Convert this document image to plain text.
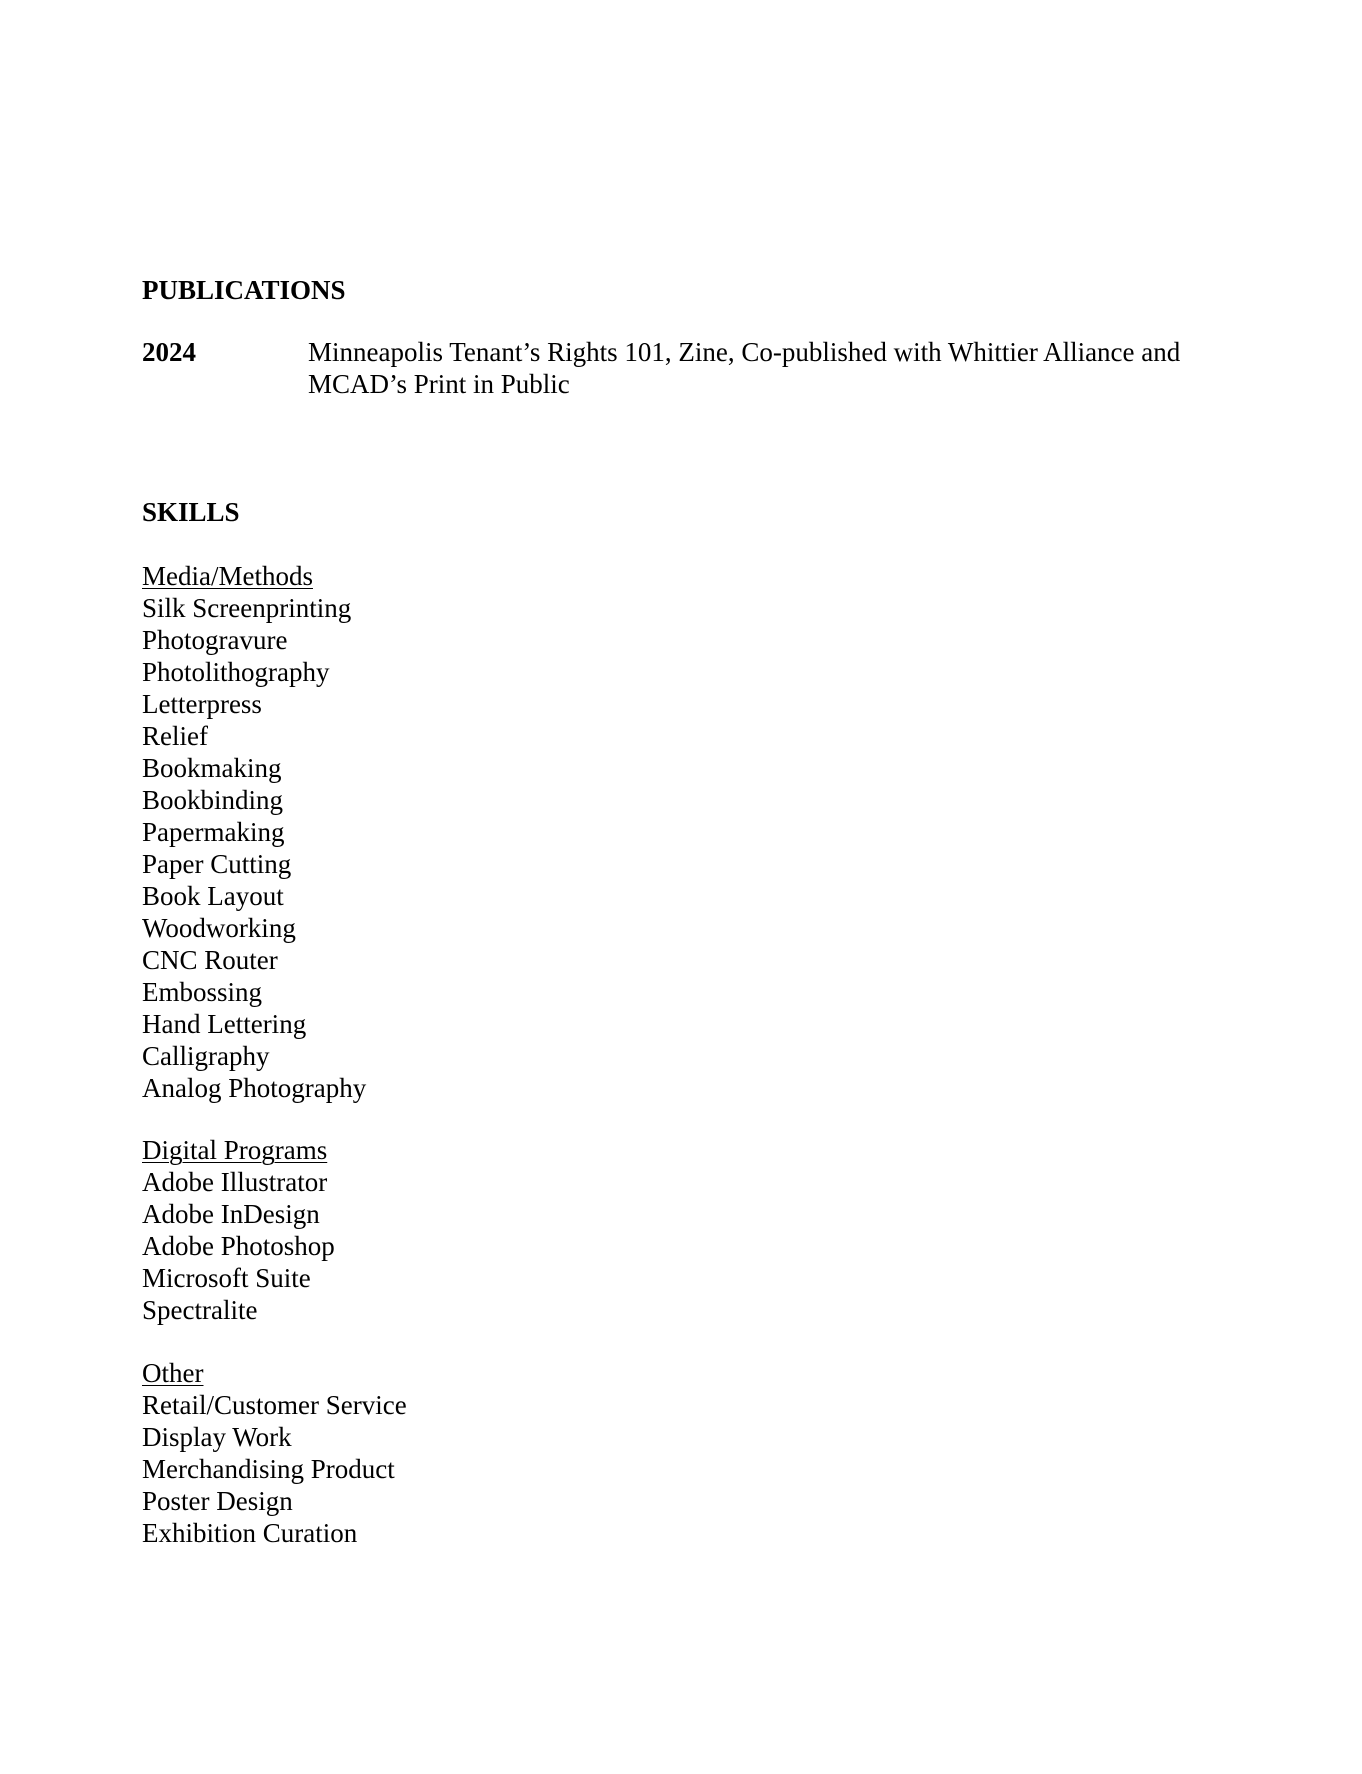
PUBLICATIONS
2024	Minneapolis Tenant’s Rights 101, Zine, Co-published with Whittier Alliance and MCAD’s Print in Public
SKILLS
Media/Methods
Silk Screenprinting
Photogravure
Photolithography
Letterpress
Relief
Bookmaking
Bookbinding
Papermaking
Paper Cutting
Book Layout
Woodworking
CNC Router
Embossing
Hand Lettering
Calligraphy
Analog Photography
Digital Programs
Adobe Illustrator
Adobe InDesign
Adobe Photoshop
Microsoft Suite
Spectralite
Other
Retail/Customer Service
Display Work
Merchandising Product
Poster Design
Exhibition Curation
